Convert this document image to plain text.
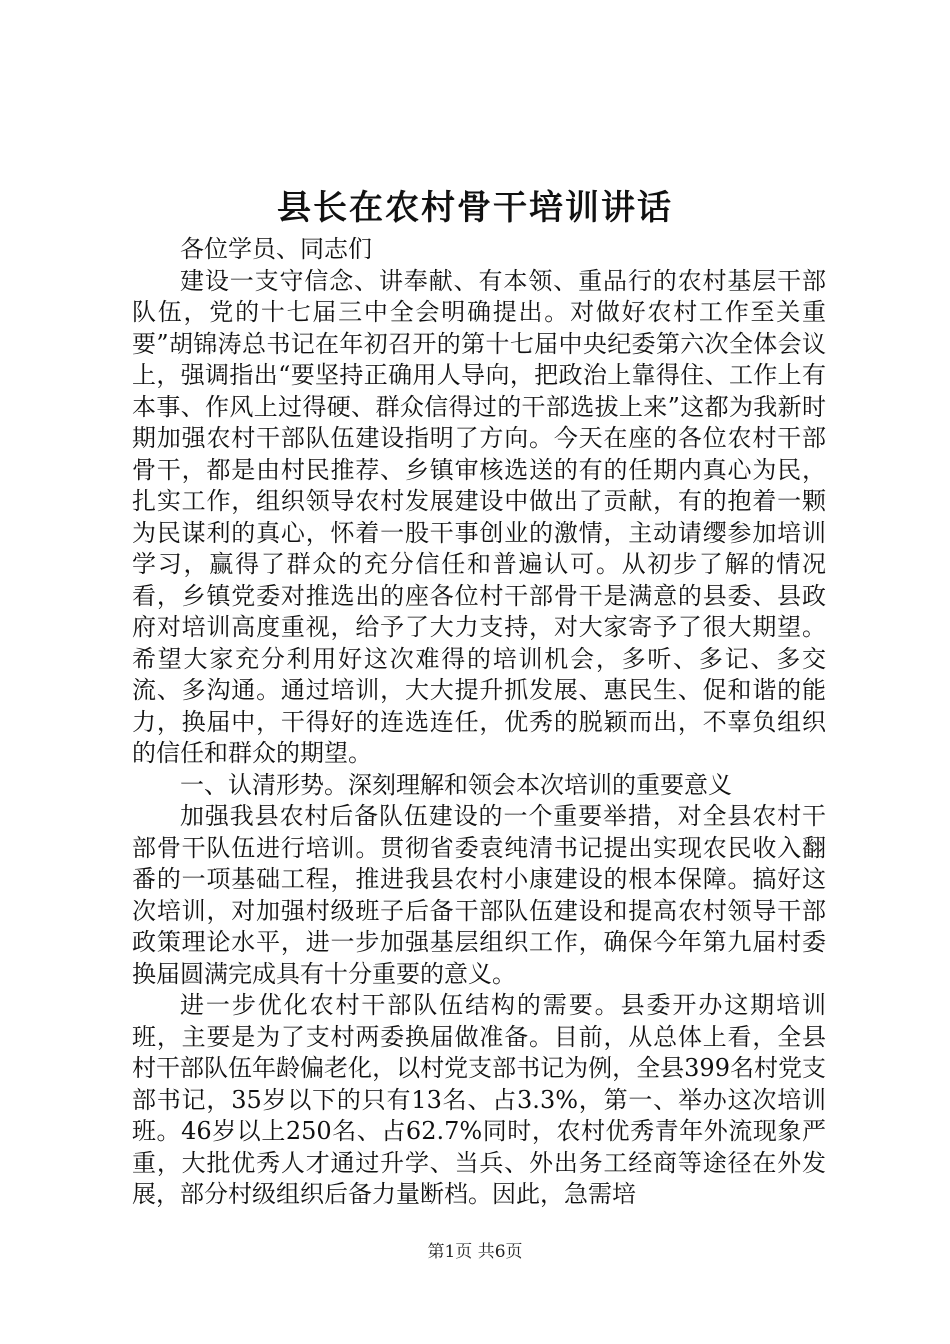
县长在农村骨干培训讲话

各位学员、同志们

建设一支守信念、讲奉献、有本领、重品行的农村基层干部队伍，党的十七届三中全会明确提出。对做好农村工作至关重要”胡锦涛总书记在年初召开的第十七届中央纪委第六次全体会议上，强调指出“要坚持正确用人导向，把政治上靠得住、工作上有本事、作风上过得硬、群众信得过的干部选拔上来”这都为我新时期加强农村干部队伍建设指明了方向。今天在座的各位农村干部骨干，都是由村民推荐、乡镇审核选送的有的任期内真心为民，扎实工作，组织领导农村发展建设中做出了贡献，有的抱着一颗为民谋利的真心，怀着一股干事创业的激情，主动请缨参加培训学习，赢得了群众的充分信任和普遍认可。从初步了解的情况看，乡镇党委对推选出的座各位村干部骨干是满意的县委、县政府对培训高度重视，给予了大力支持，对大家寄予了很大期望。希望大家充分利用好这次难得的培训机会，多听、多记、多交流、多沟通。通过培训，大大提升抓发展、惠民生、促和谐的能力，换届中，干得好的连选连任，优秀的脱颖而出，不辜负组织的信任和群众的期望。

一、认清形势。深刻理解和领会本次培训的重要意义

加强我县农村后备队伍建设的一个重要举措，对全县农村干部骨干队伍进行培训。贯彻省委袁纯清书记提出实现农民收入翻番的一项基础工程，推进我县农村小康建设的根本保障。搞好这次培训，对加强村级班子后备干部队伍建设和提高农村领导干部政策理论水平，进一步加强基层组织工作，确保今年第九届村委换届圆满完成具有十分重要的意义。

进一步优化农村干部队伍结构的需要。县委开办这期培训班，主要是为了支村两委换届做准备。目前，从总体上看，全县村干部队伍年龄偏老化，以村党支部书记为例，全县399名村党支部书记，35岁以下的只有13名、占3.3%，第一、举办这次培训班。46岁以上250名、占62.7%同时，农村优秀青年外流现象严重，大批优秀人才通过升学、当兵、外出务工经商等途径在外发展，部分村级组织后备力量断档。因此，急需培

第1页 共6页
